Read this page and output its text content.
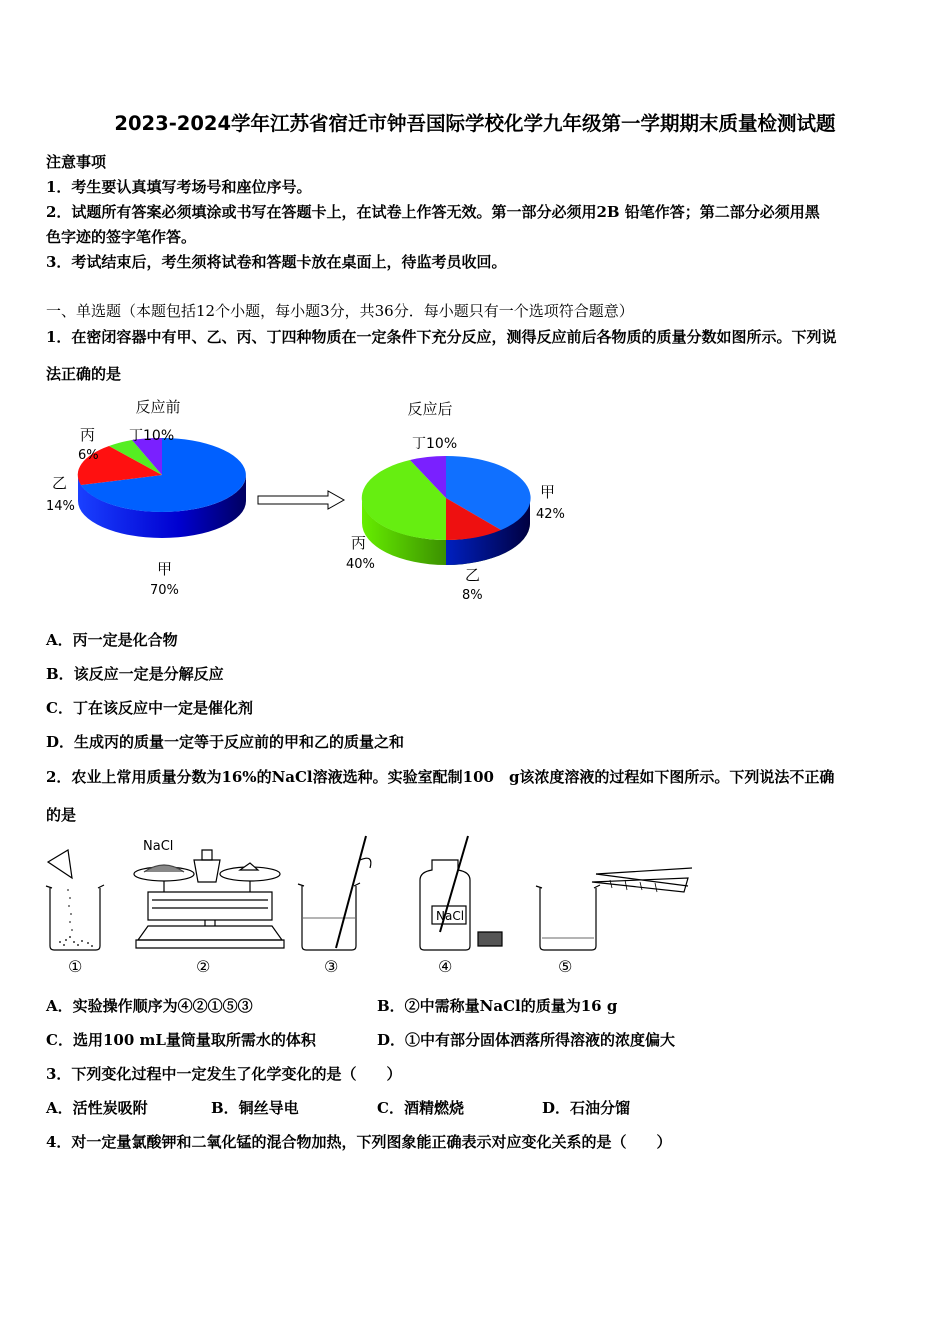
2023-2024学年江苏省宿迁市钟吾国际学校化学九年级第一学期期末质量检测试题
注意事项
1．考生要认真填写考场号和座位序号。
2．试题所有答案必须填涂或书写在答题卡上，在试卷上作答无效。第一部分必须用2B 铅笔作答；第二部分必须用黑
色字迹的签字笔作答。
3．考试结束后，考生须将试卷和答题卡放在桌面上，待监考员收回。
一、单选题（本题包括12个小题，每小题3分，共36分．每小题只有一个选项符合题意）
1．在密闭容器中有甲、乙、丙、丁四种物质在一定条件下充分反应，测得反应前后各物质的质量分数如图所示。下列说
法正确的是
反应前
丙
6%
丁10%
乙
14%
甲
70%
反应后
丁10%
甲
42%
丙
40%
乙
8%
A．丙一定是化合物
B．该反应一定是分解反应
C．丁在该反应中一定是催化剂
D．生成丙的质量一定等于反应前的甲和乙的质量之和
2．农业上常用质量分数为16%的NaCl溶液选种。实验室配制100　g该浓度溶液的过程如下图所示。下列说法不正确
的是
NaCl
NaCl
①	②	③	④	⑤
A．实验操作顺序为④②①⑤③	B．②中需称量NaCl的质量为16 g
C．选用100 mL量筒量取所需水的体积	D．①中有部分固体洒落所得溶液的浓度偏大
3．下列变化过程中一定发生了化学变化的是（　　）
A．活性炭吸附	B．铜丝导电	C．酒精燃烧	D．石油分馏
4．对一定量氯酸钾和二氧化锰的混合物加热，下列图象能正确表示对应变化关系的是（　　）
